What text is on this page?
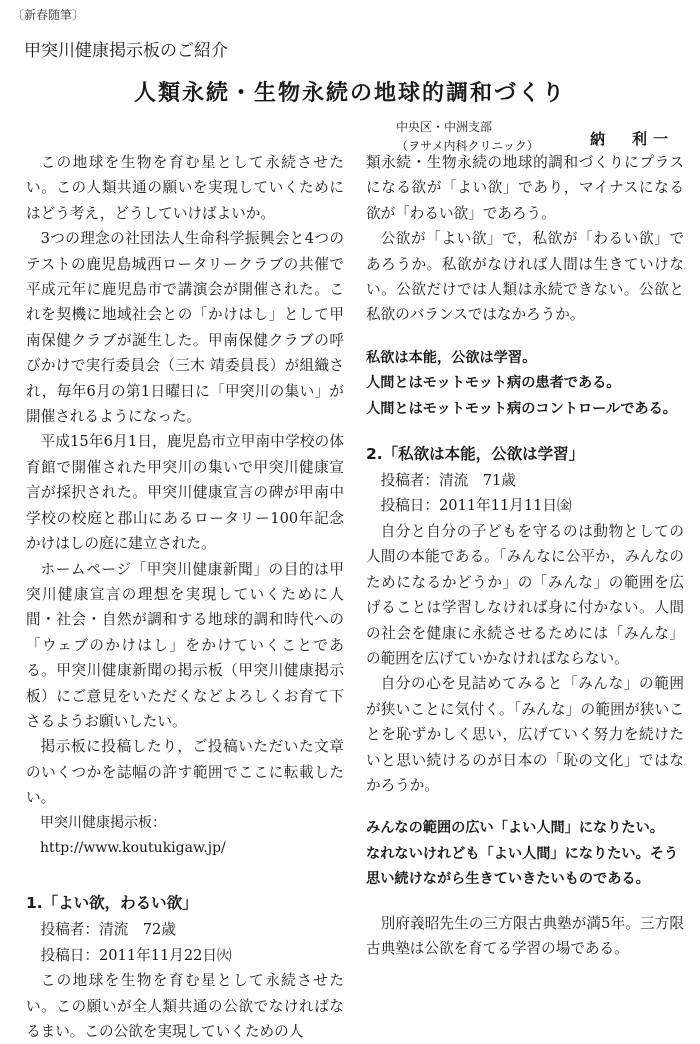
〔新春随筆〕
甲突川健康掲示板のご紹介
人類永続・生物永続の地球的調和づくり
中央区・中洲支部
（ヲサメ内科クリニック）	納　利一

この地球を生物を育む星として永続させたい。この人類共通の願いを実現していくためにはどう考え，どうしていけばよいか。

3つの理念の社団法人生命科学振興会と4つのテストの鹿児島城西ロータリークラブの共催で平成元年に鹿児島市で講演会が開催された。これを契機に地域社会との「かけはし」として甲南保健クラブが誕生した。甲南保健クラブの呼びかけで実行委員会（三木 靖委員長）が組織され，毎年6月の第1日曜日に「甲突川の集い」が開催されるようになった。

平成15年6月1日，鹿児島市立甲南中学校の体育館で開催された甲突川の集いで甲突川健康宣言が採択された。甲突川健康宣言の碑が甲南中学校の校庭と郡山にあるロータリー100年記念かけはしの庭に建立された。

ホームページ「甲突川健康新聞」の目的は甲突川健康宣言の理想を実現していくために人間・社会・自然が調和する地球的調和時代への「ウェブのかけはし」をかけていくことである。甲突川健康新聞の掲示板（甲突川健康掲示板）にご意見をいただくなどよろしくお育て下さるようお願いしたい。

掲示板に投稿したり，ご投稿いただいた文章のいくつかを誌幅の許す範囲でここに転載したい。

甲突川健康掲示板：http://www.koutukigaw.jp/
1.「よい欲，わるい欲」
投稿者：清流　72歳
投稿日：2011年11月22日㈫

この地球を生物を育む星として永続させたい。この願いが全人類共通の公欲でなければなるまい。この公欲を実現していくための人

類永続・生物永続の地球的調和づくりにプラスになる欲が「よい欲」であり，マイナスになる欲が「わるい欲」であろう。

公欲が「よい欲」で，私欲が「わるい欲」であろうか。私欲がなければ人間は生きていけない。公欲だけでは人類は永続できない。公欲と私欲のバランスではなかろうか。

私欲は本能，公欲は学習。
人間とはモットモット病の患者である。
人間とはモットモット病のコントロールである。
2.「私欲は本能，公欲は学習」
投稿者：清流　71歳
投稿日：2011年11月11日㈮

自分と自分の子どもを守るのは動物としての人間の本能である。「みんなに公平か，みんなのためになるかどうか」の「みんな」の範囲を広げることは学習しなければ身に付かない。人間の社会を健康に永続させるためには「みんな」の範囲を広げていかなければならない。

自分の心を見詰めてみると「みんな」の範囲が狭いことに気付く。「みんな」の範囲が狭いことを恥ずかしく思い，広げていく努力を続けたいと思い続けるのが日本の「恥の文化」ではなかろうか。

みんなの範囲の広い「よい人間」になりたい。
なれないけれども「よい人間」になりたい。そう思い続けながら生きていきたいものである。

別府義昭先生の三方限古典塾が満5年。三方限古典塾は公欲を育てる学習の場である。
